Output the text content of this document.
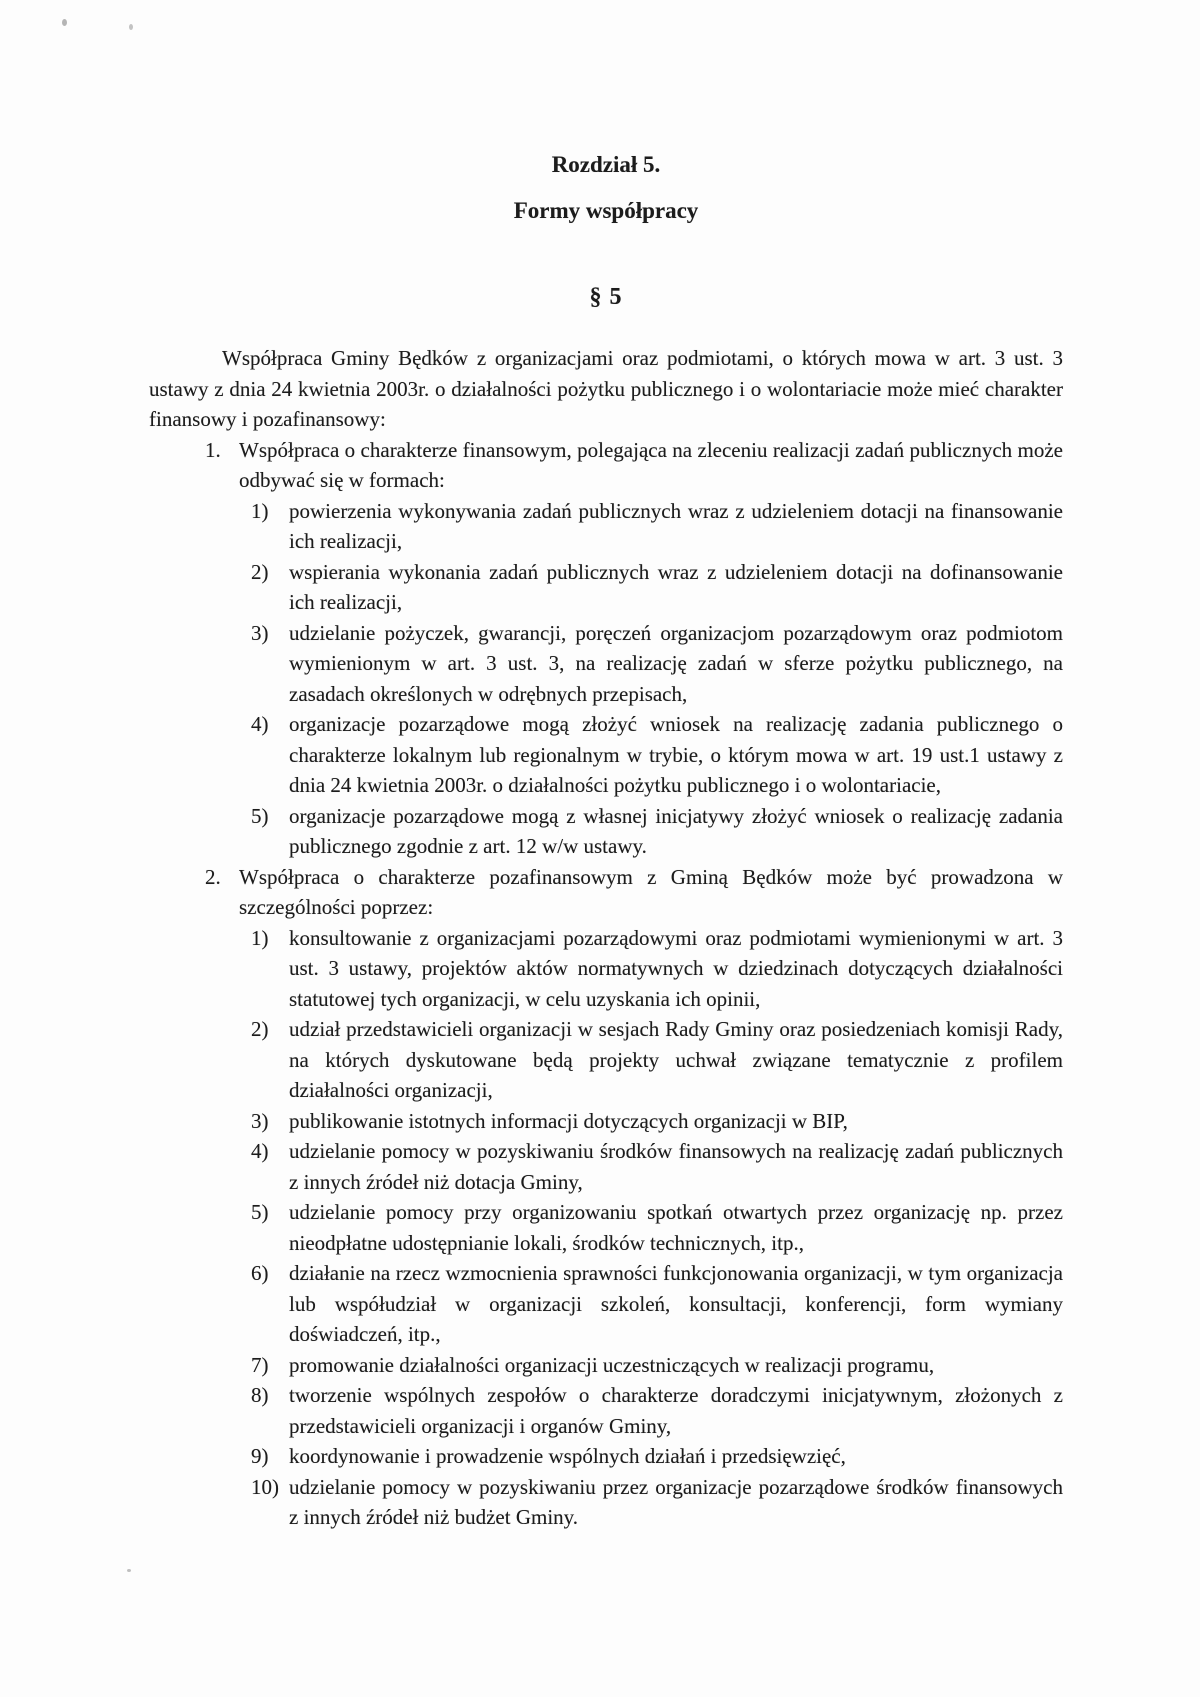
Rozdział 5.
Formy współpracy
§ 5

Współpraca Gminy Będków z organizacjami oraz podmiotami, o których mowa w art. 3 ust. 3 ustawy z dnia 24 kwietnia 2003r. o działalności pożytku publicznego i o wolontariacie może mieć charakter finansowy i pozafinansowy:

1. Współpraca o charakterze finansowym, polegająca na zleceniu realizacji zadań publicznych może odbywać się w formach:
1) powierzenia wykonywania zadań publicznych wraz z udzieleniem dotacji na finansowanie ich realizacji,
2) wspierania wykonania zadań publicznych wraz z udzieleniem dotacji na dofinansowanie ich realizacji,
3) udzielanie pożyczek, gwarancji, poręczeń organizacjom pozarządowym oraz podmiotom wymienionym w art. 3 ust. 3, na realizację zadań w sferze pożytku publicznego, na zasadach określonych w odrębnych przepisach,
4) organizacje pozarządowe mogą złożyć wniosek na realizację zadania publicznego o charakterze lokalnym lub regionalnym w trybie, o którym mowa w art. 19 ust.1 ustawy z dnia 24 kwietnia 2003r. o działalności pożytku publicznego i o wolontariacie,
5) organizacje pozarządowe mogą z własnej inicjatywy złożyć wniosek o realizację zadania publicznego zgodnie z art. 12 w/w ustawy.
2. Współpraca o charakterze pozafinansowym z Gminą Będków może być prowadzona w szczególności poprzez:
1) konsultowanie z organizacjami pozarządowymi oraz podmiotami wymienionymi w art. 3 ust. 3 ustawy, projektów aktów normatywnych w dziedzinach dotyczących działalności statutowej tych organizacji, w celu uzyskania ich opinii,
2) udział przedstawicieli organizacji w sesjach Rady Gminy oraz posiedzeniach komisji Rady, na których dyskutowane będą projekty uchwał związane tematycznie z profilem działalności organizacji,
3) publikowanie istotnych informacji dotyczących organizacji w BIP,
4) udzielanie pomocy w pozyskiwaniu środków finansowych na realizację zadań publicznych z innych źródeł niż dotacja Gminy,
5) udzielanie pomocy przy organizowaniu spotkań otwartych przez organizację np. przez nieodpłatne udostępnianie lokali, środków technicznych, itp.,
6) działanie na rzecz wzmocnienia sprawności funkcjonowania organizacji, w tym organizacja lub współudział w organizacji szkoleń, konsultacji, konferencji, form wymiany doświadczeń, itp.,
7) promowanie działalności organizacji uczestniczących w realizacji programu,
8) tworzenie wspólnych zespołów o charakterze doradczymi inicjatywnym, złożonych z przedstawicieli organizacji i organów Gminy,
9) koordynowanie i prowadzenie wspólnych działań i przedsięwzięć,
10) udzielanie pomocy w pozyskiwaniu przez organizacje pozarządowe środków finansowych z innych źródeł niż budżet Gminy.
